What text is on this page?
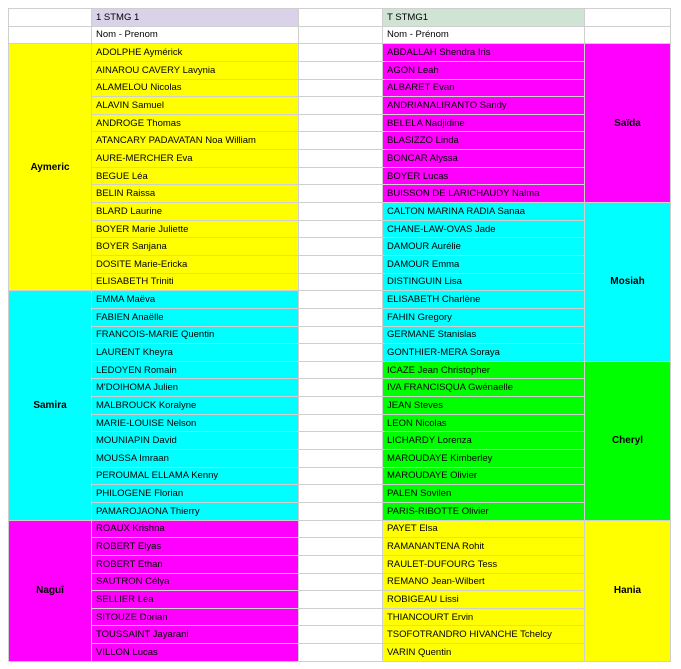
	1 STMG 1		T STMG1	
	Nom - Prenom		Nom - Prénom	
Aymeric	ADOLPHE Aymérick		ABDALLAH Shendra Iris	Saïda
	AINAROU CAVERY Lavynia		AGON Leah	
	ALAMELOU Nicolas		ALBARET Evan	
	ALAVIN Samuel		ANDRIANALIRANTO Sandy	
	ANDROGE Thomas		BELELA Nadjidine	
	ATANCARY PADAVATAN Noa William		BLASIZZO Linda	
	AURE-MERCHER Eva		BONCAR Alyssa	
	BEGUE Léa		BOYER Lucas	
	BELIN Raissa		BUISSON DE LARICHAUDY Nalma	
	BLARD Laurine		CALTON MARINA RADIA Sanaa	Mosiah
	BOYER Marie Juliette		CHANE-LAW-OVAS Jade	
	BOYER Sanjana		DAMOUR Aurélie	
	DOSITE Marie-Ericka		DAMOUR Emma	
	ELISABETH Triniti		DISTINGUIN Lisa	
Samira	EMMA Maëva		ELISABETH Charlène	
	FABIEN Anaëlle		FAHIN Gregory	
	FRANCOIS-MARIE Quentin		GERMANE Stanislas	
	LAURENT Kheyra		GONTHIER-MERA Soraya	
	LEDOYEN Romain		ICAZE Jean Christopher	Cheryl
	M'DOIHOMA Julien		IVA FRANCISQUA Gwénaelle	
	MALBROUCK Koralyne		JEAN Steves	
	MARIE-LOUISE Nelson		LEON Nicolas	
	MOUNIAPIN David		LICHARDY Lorenza	
	MOUSSA Imraan		MAROUDAYE Kimberley	
	PEROUMAL ELLAMA Kenny		MAROUDAYE Olivier	
	PHILOGENE Florian		PALEN Sovilen	
	PAMAROJAONA Thierry		PARIS-RIBOTTE Olivier	
Naguî	ROAUX Krishna		PAYET Elsa	Hania
	ROBERT Elyas		RAMANANTENA Rohit	
	ROBERT Ethan		RAULET-DUFOURG Tess	
	SAUTRON Célya		REMANO Jean-Wilbert	
	SELLIER Léa		ROBIGEAU Lissi	
	SITOUZE Dorian		THIANCOURT Ervin	
	TOUSSAINT Jayarani		TSOFOTRANDRO HIVANCHE Tchelcy	
	VILLON Lucas		VARIN Quentin	
